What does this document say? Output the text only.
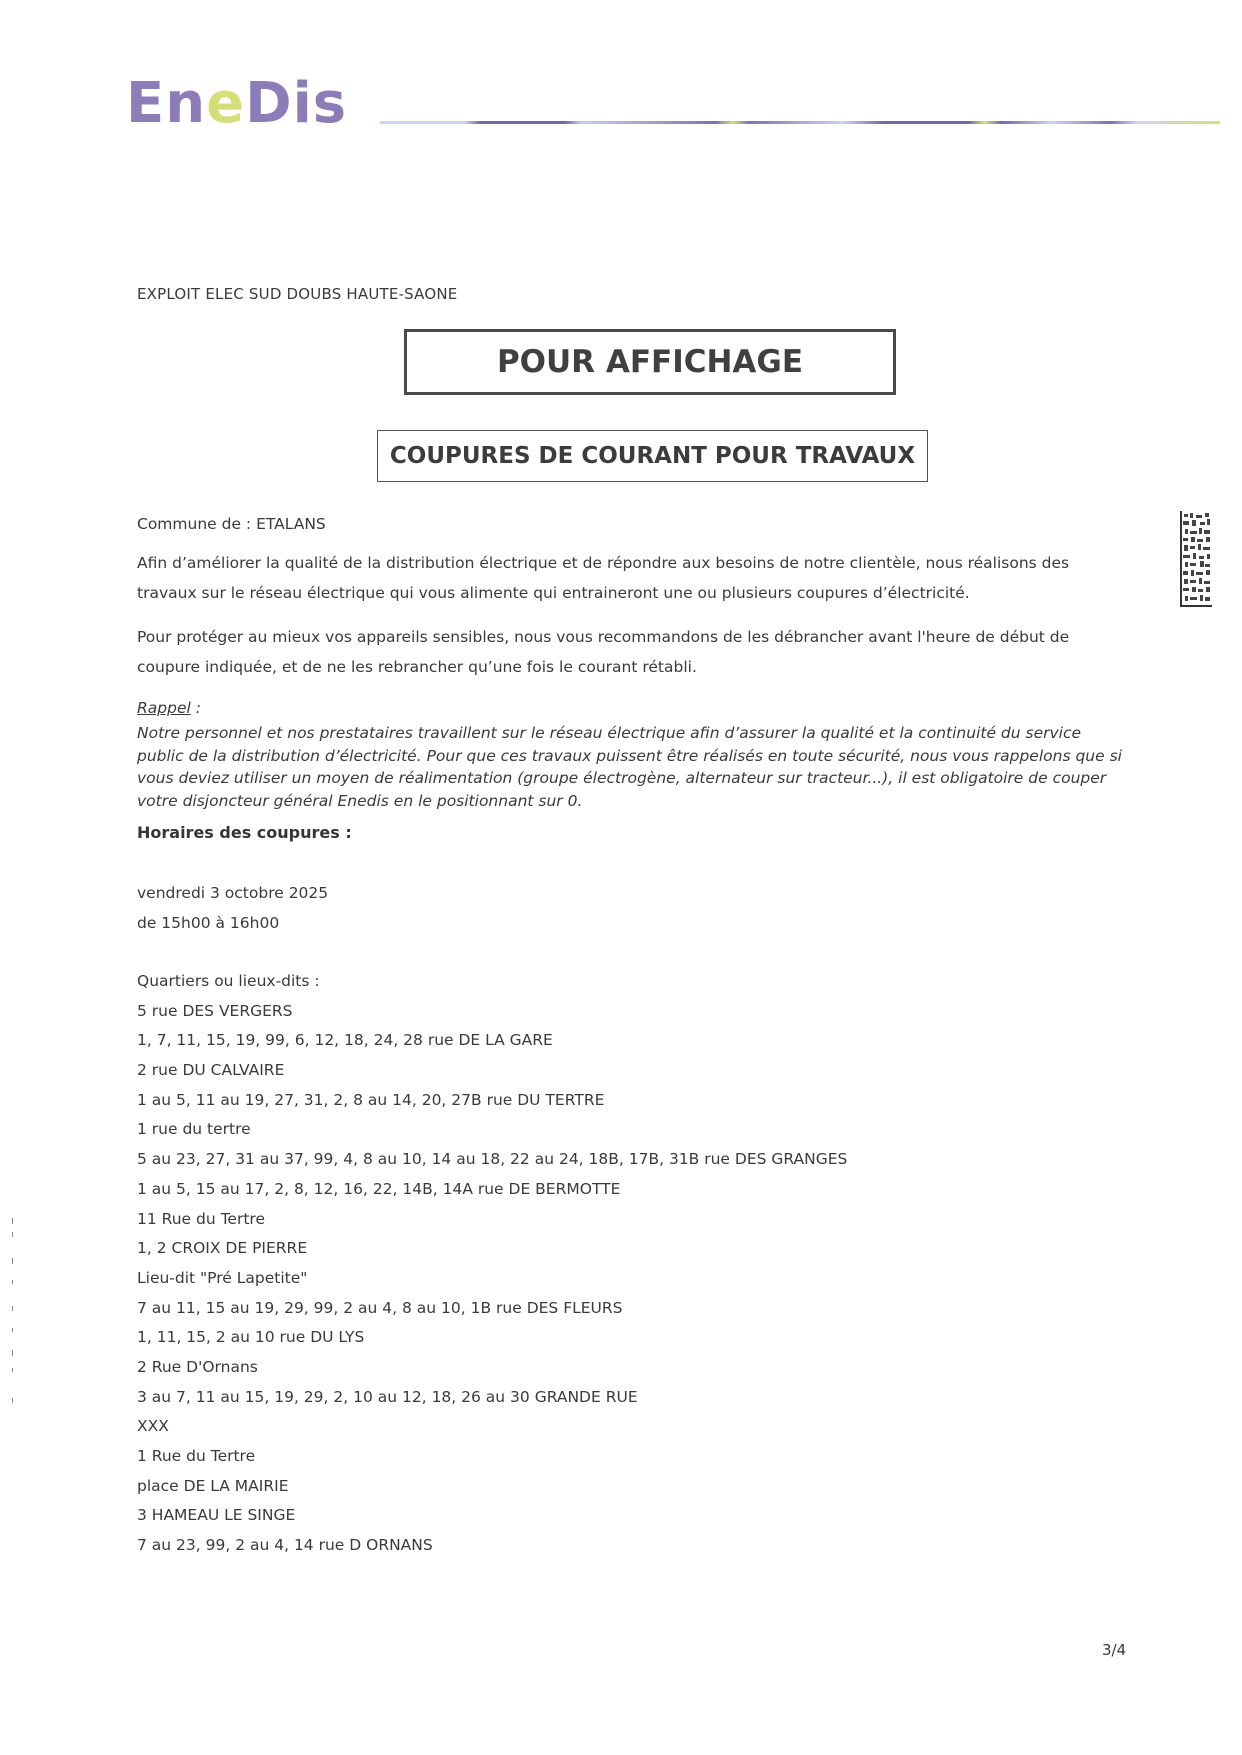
EneDis
EXPLOIT ELEC SUD DOUBS HAUTE-SAONE
POUR AFFICHAGE
COUPURES DE COURANT POUR TRAVAUX
Commune de : ETALANS
Afin d’améliorer la qualité de la distribution électrique et de répondre aux besoins de notre clientèle, nous réalisons des travaux sur le réseau électrique qui vous alimente qui entraineront une ou plusieurs coupures d’électricité.
Pour protéger au mieux vos appareils sensibles, nous vous recommandons de les débrancher avant l'heure de début de coupure indiquée, et de ne les rebrancher qu’une fois le courant rétabli.
Rappel :
Notre personnel et nos prestataires travaillent sur le réseau électrique afin d’assurer la qualité et la continuité du service public de la distribution d’électricité. Pour que ces travaux puissent être réalisés en toute sécurité, nous vous rappelons que si vous deviez utiliser un moyen de réalimentation (groupe électrogène, alternateur sur tracteur...), il est obligatoire de couper votre disjoncteur général Enedis en le positionnant sur 0.
Horaires des coupures :
vendredi 3 octobre 2025
de 15h00 à 16h00
Quartiers ou lieux-dits :
5 rue DES VERGERS
1, 7, 11, 15, 19, 99, 6, 12, 18, 24, 28 rue DE LA GARE
2 rue DU CALVAIRE
1 au 5, 11 au 19, 27, 31, 2, 8 au 14, 20, 27B rue DU TERTRE
1 rue du tertre
5 au 23, 27, 31 au 37, 99, 4, 8 au 10, 14 au 18, 22 au 24, 18B, 17B, 31B rue DES GRANGES
1 au 5, 15 au 17, 2, 8, 12, 16, 22, 14B, 14A rue DE BERMOTTE
11 Rue du Tertre
1, 2 CROIX DE PIERRE
Lieu-dit "Pré Lapetite"
7 au 11, 15 au 19, 29, 99, 2 au 4, 8 au 10, 1B rue DES FLEURS
1, 11, 15, 2 au 10 rue DU LYS
2 Rue D'Ornans
3 au 7, 11 au 15, 19, 29, 2, 10 au 12, 18, 26 au 30 GRANDE RUE
XXX
1 Rue du Tertre
place DE LA MAIRIE
3 HAMEAU LE SINGE
7 au 23, 99, 2 au 4, 14 rue D ORNANS
3/4
